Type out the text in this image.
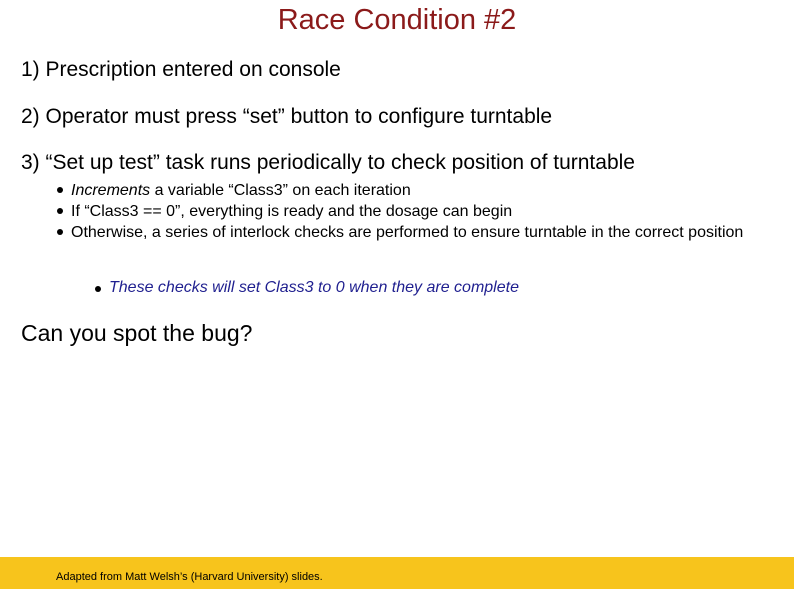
Race Condition #2
1) Prescription entered on console
2) Operator must press “set” button to configure turntable
3) “Set up test” task runs periodically to check position of turntable
Increments a variable “Class3” on each iteration
If “Class3 == 0”, everything is ready and the dosage can begin
Otherwise, a series of interlock checks are performed to ensure turntable in the correct position
These checks will set Class3 to 0 when they are complete
Can you spot the bug?
Adapted from Matt Welsh’s (Harvard University) slides.
